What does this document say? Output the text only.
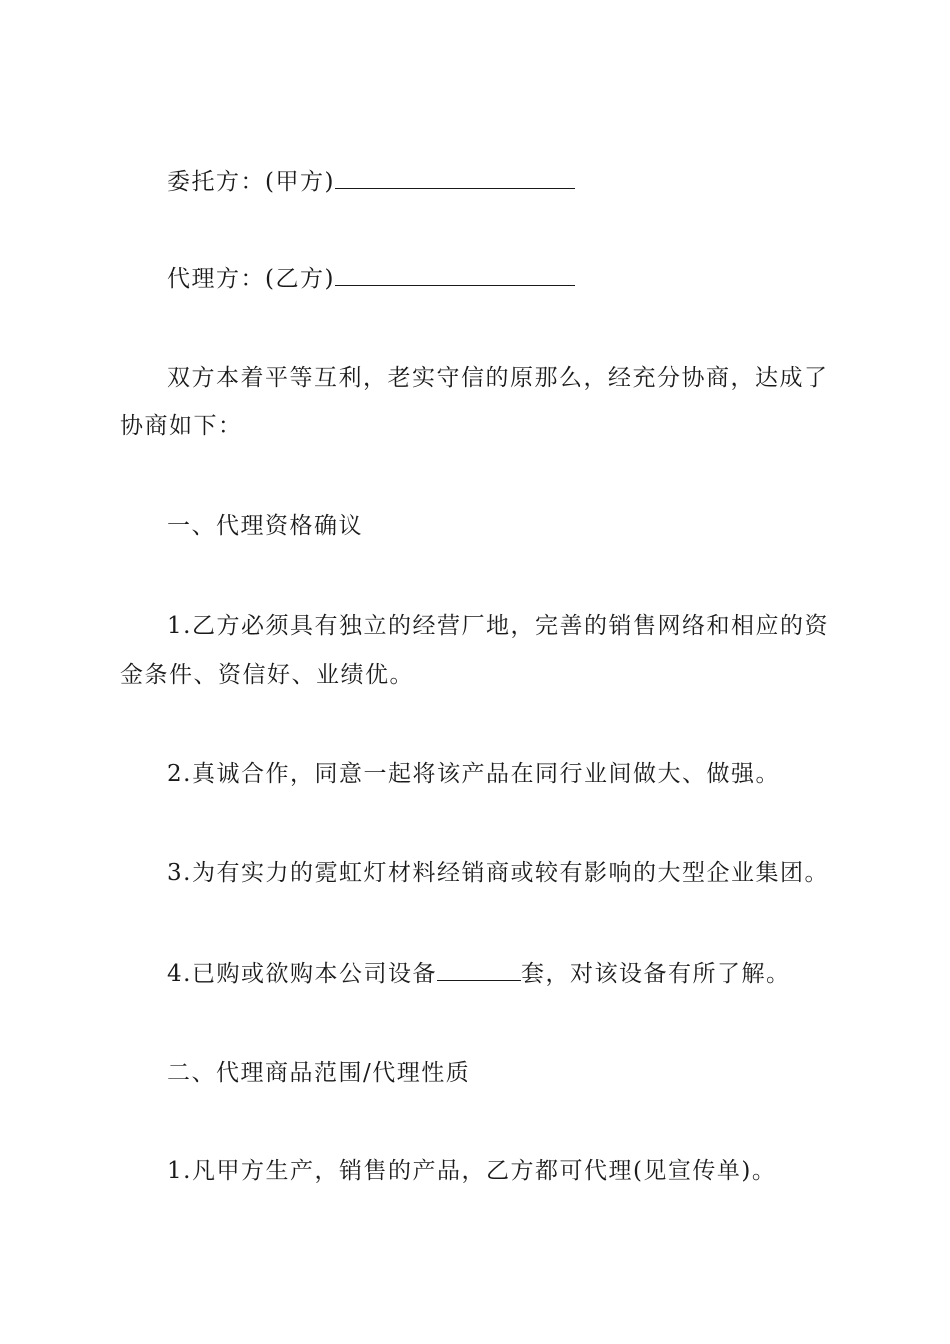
委托方：(甲方)
代理方：(乙方)
双方本着平等互利，老实守信的原那么，经充分协商，达成了
协商如下：
一、代理资格确议
1.乙方必须具有独立的经营厂地，完善的销售网络和相应的资
金条件、资信好、业绩优。
2.真诚合作，同意一起将该产品在同行业间做大、做强。
3.为有实力的霓虹灯材料经销商或较有影响的大型企业集团。
4.已购或欲购本公司设备	套，对该设备有所了解。
二、代理商品范围/代理性质
1.凡甲方生产，销售的产品，乙方都可代理(见宣传单)。
